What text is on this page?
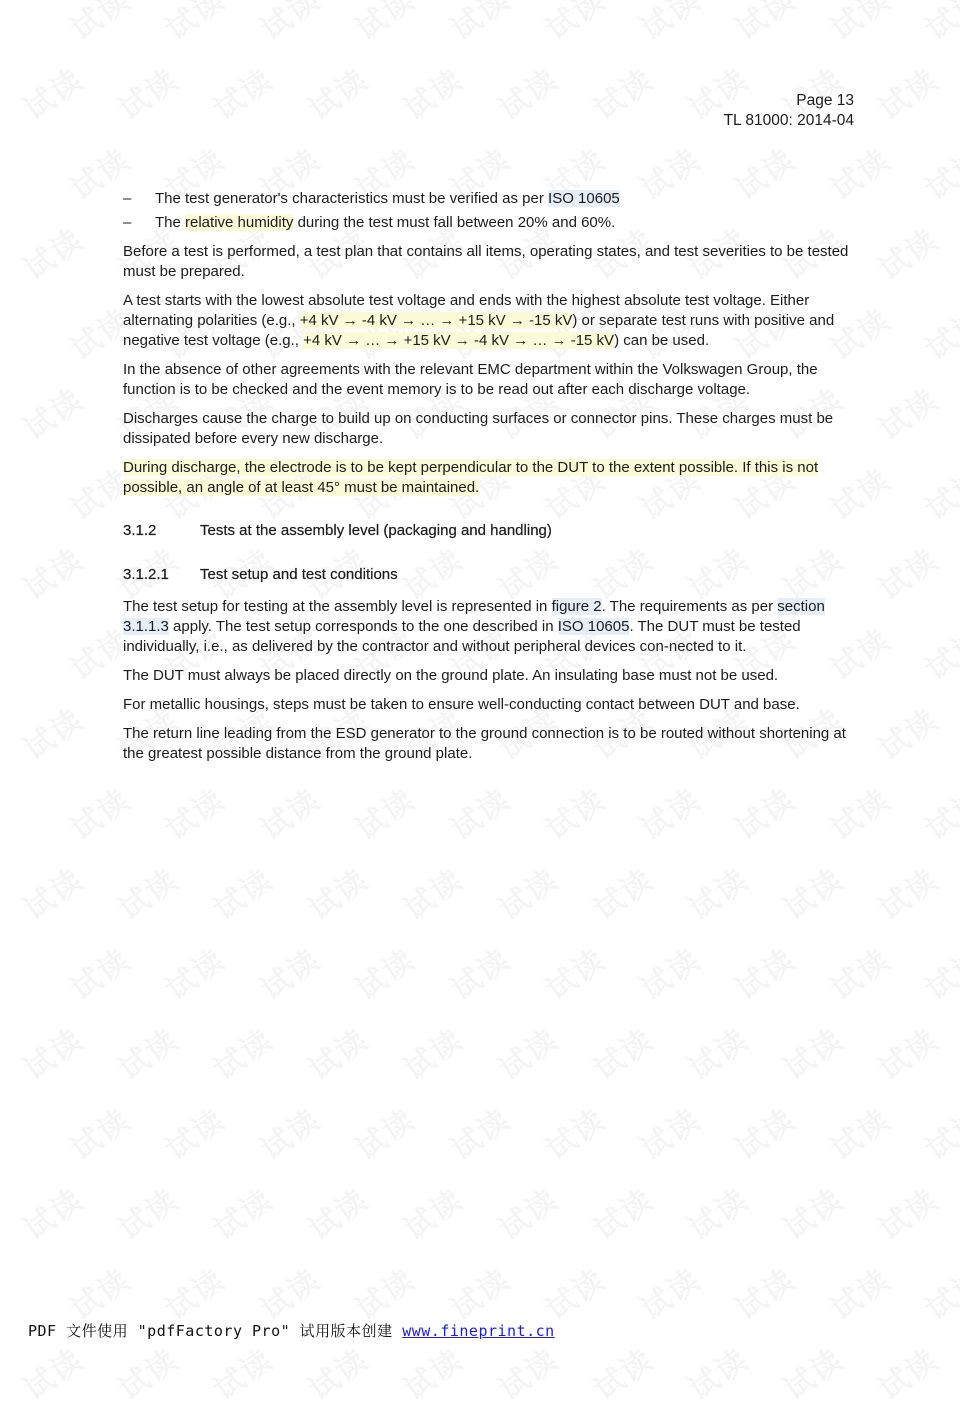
Page 13
TL 81000: 2014-04
– The test generator's characteristics must be verified as per ISO 10605
– The relative humidity during the test must fall between 20% and 60%.

Before a test is performed, a test plan that contains all items, operating states, and test severities to be tested must be prepared.

A test starts with the lowest absolute test voltage and ends with the highest absolute test voltage. Either alternating polarities (e.g., +4 kV → -4 kV → … → +15 kV → -15 kV) or separate test runs with positive and negative test voltage (e.g., +4 kV → … → +15 kV → -4 kV → … → -15 kV) can be used.

In the absence of other agreements with the relevant EMC department within the Volkswagen Group, the function is to be checked and the event memory is to be read out after each discharge voltage.

Discharges cause the charge to build up on conducting surfaces or connector pins. These charges must be dissipated before every new discharge.

During discharge, the electrode is to be kept perpendicular to the DUT to the extent possible. If this is not possible, an angle of at least 45° must be maintained.

3.1.2	Tests at the assembly level (packaging and handling)
3.1.2.1	Test setup and test conditions

The test setup for testing at the assembly level is represented in figure 2. The requirements as per section 3.1.1.3 apply. The test setup corresponds to the one described in ISO 10605. The DUT must be tested individually, i.e., as delivered by the contractor and without peripheral devices con-nected to it.

The DUT must always be placed directly on the ground plate. An insulating base must not be used.

For metallic housings, steps must be taken to ensure well-conducting contact between DUT and base.

The return line leading from the ESD generator to the ground connection is to be routed without shortening at the greatest possible distance from the ground plate.

PDF 文件使用 "pdfFactory Pro" 试用版本创建 www.fineprint.cn
